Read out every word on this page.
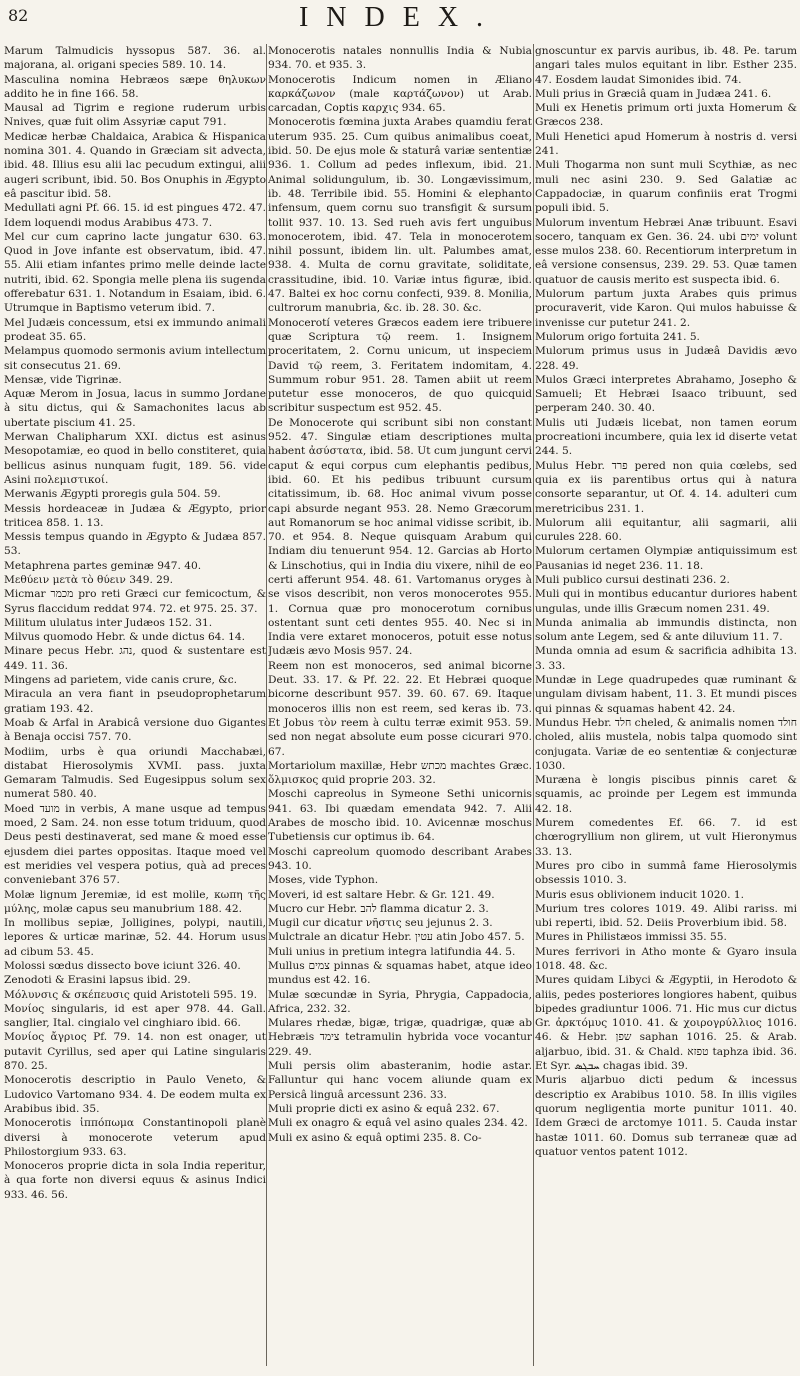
82	INDEX.

Marum Talmudicis hyssopus 587. 36. al. majorana, al. origani species 589. 10. 14.

Masculina nomina Hebræos sæpe θηλυκων addito he in fine 166. 58.

Mausal ad Tigrim e regione ruderum urbis Nnives, quæ fuit olim Assyriæ caput 791.

Medicæ herbæ Chaldaica, Arabica & Hispanica nomina 301. 4. Quando in Græciam sit advecta, ibid. 48. Illius esu alii lac pecudum extingui, alii augeri scribunt, ibid. 50. Bos Onuphis in Ægypto eâ pascitur ibid. 58.

Medullati agni Pf. 66. 15. id est pingues 472. 47. Idem loquendi modus Arabibus 473. 7.

Mel cur cum caprino lacte jungatur 630. 63. Quod in Jove infante est observatum, ibid. 47. 55. Alii etiam infantes primo melle deinde lacte nutriti, ibid. 62. Spongia melle plena iis sugenda offerebatur 631. 1. Notandum in Esaiam, ibid. 6. Utrumque in Baptismo veterum ibid. 7.

Mel Judæis concessum, etsi ex immundo animali prodeat 35. 65.

Melampus quomodo sermonis avium intellectum sit consecutus 21. 69.

Mensæ, vide Tigrinæ.

Aquæ Merom in Josua, lacus in summo Jordane à situ dictus, qui & Samachonites lacus ab ubertate piscium 41. 25.

Merwan Chalipharum XXI. dictus est asinus Mesopotamiæ, eo quod in bello constiteret, quia bellicus asinus nunquam fugit, 189. 56. vide Asini πολεμιστικοί.

Merwanis Ægypti proregis gula 504. 59.

Messis hordeaceæ in Judæa & Ægypto, prior triticea 858. 1. 13.

Messis tempus quando in Ægypto & Judæa 857. 53.

Metaphrena partes geminæ 947. 40.

Μεθύειν μετὰ τὸ θύειν 349. 29.

Micmar מכמר pro reti Græci cur femicoctum, & Syrus flaccidum reddat 974. 72. et 975. 25. 37.

Militum ululatus inter Judæos 152. 31.

Milvus quomodo Hebr. & unde dictus 64. 14.

Minare pecus Hebr. נהג, quod & sustentare est 449. 11. 36.

Mingens ad parietem, vide canis crure, &c.

Miracula an vera fiant in pseudoprophetarum gratiam 193. 42.

Moab & Arfal in Arabicâ versione duo Gigantes à Benaja occisi 757. 70.

Modiim, urbs è qua oriundi Macchabæi, distabat Hierosolymis XVMI. pass. juxta Gemaram Talmudis. Sed Eugesippus solum sex numerat 580. 40.

Moed מועד in verbis, A mane usque ad tempus moed, 2 Sam. 24. non esse totum triduum, quod Deus pesti destinaverat, sed mane & moed esse ejusdem diei partes oppositas. Itaque moed vel est meridies vel vespera potius, quà ad preces conveniebant 376 57.

Molæ lignum Jeremiæ, id est molile, κωπη τῆς μύλης, molæ capus seu manubrium 188. 42.

In mollibus sepiæ, Jolligines, polypi, nautili, lepores & urticæ marinæ, 52. 44. Horum usus ad cibum 53. 45.

Molossi sœdus dissecto bove iciunt 326. 40.

Zenodoti & Erasini lapsus ibid. 29.

Μόλυνσις & σκέπευσις quid Aristoteli 595. 19.

Μονίος singularis, id est aper 978. 44. Gall. sanglier, Ital. cingialo vel cinghiaro ibid. 66.

Μονίος ἄγριος Pf. 79. 14. non est onager, ut putavit Cyrillus, sed aper qui Latine singularis 870. 25.

Monocerotis descriptio in Paulo Veneto, & Ludovico Vartomano 934. 4. De eodem multa ex Arabibus ibid. 35.

Monocerotis ἱππόπωμα Constantinopoli planè diversi à monocerote veterum apud Philostorgium 933. 63.

Monoceros proprie dicta in sola India reperitur, à qua forte non diversi equus & asinus Indici 933. 46. 56.

Monocerotis natales nonnullis India & Nubia 934. 70. et 935. 3.

Monocerotis Indicum nomen in Æliano καρκάζωνον (male καρτάζωνον) ut Arab. carcadan, Coptis καρχις 934. 65.

Monocerotis fœmina juxta Arabes quamdiu ferat uterum 935. 25. Cum quibus animalibus coeat, ibid. 50. De ejus mole & staturâ variæ sententiæ 936. 1. Collum ad pedes inflexum, ibid. 21. Animal solidungulum, ib. 30. Longævissimum, ib. 48. Terribile ibid. 55. Homini & elephanto infensum, quem cornu suo transfigit & sursum tollit 937. 10. 13. Sed rueh avis fert unguibus monocerotem, ibid. 47. Tela in monocerotem nihil possunt, ibidem lin. ult. Palumbes amat, 938. 4. Multa de cornu gravitate, soliditate, crassitudine, ibid. 10. Variæ intus figuræ, ibid. 47. Baltei ex hoc cornu confecti, 939. 8. Monilia, cultrorum manubria, &c. ib. 28. 30. &c.

Monocerotí veteres Græcos eadem iere tribuere quæ Scriptura τῷ reem. 1. Insignem proceritatem, 2. Cornu unicum, ut inspeciem David τῷ reem, 3. Feritatem indomitam, 4. Summum robur 951. 28. Tamen abiit ut reem putetur esse monoceros, de quo quicquid scribitur suspectum est 952. 45.

De Monocerote qui scribunt sibi non constant 952. 47. Singulæ etiam descriptiones multa habent ἀσύστατα, ibid. 58. Ut cum jungunt cervi caput & equi corpus cum elephantis pedibus, ibid. 60. Et his pedibus tribuunt cursum citatissimum, ib. 68. Hoc animal vivum posse capi absurde negant 953. 28. Nemo Græcorum aut Romanorum se hoc animal vidisse scribit, ib. 70. et 954. 8. Neque quisquam Arabum qui Indiam diu tenuerunt 954. 12. Garcias ab Horto & Linschotius, qui in India diu vixere, nihil de eo certi afferunt 954. 48. 61. Vartomanus oryges à se visos describit, non veros monocerotes 955. 1. Cornua quæ pro monocerotum cornibus ostentant sunt ceti dentes 955. 40. Nec si in India vere extaret monoceros, potuit esse notus Judæis ævo Mosis 957. 24.

Reem non est monoceros, sed animal bicorne Deut. 33. 17. & Pf. 22. 22. Et Hebræi quoque bicorne describunt 957. 39. 60. 67. 69. Itaque monoceros illis non est reem, sed keras ib. 73. Et Jobus τὸν reem à cultu terræ eximit 953. 59. sed non negat absolute eum posse cicurari 970. 67.

Mortariolum maxillæ, Hebr מכתש machtes Græc. ὅλμισκος quid proprie 203. 32.

Moschi capreolus in Symeone Sethi unicornis 941. 63. Ibi quædam emendata 942. 7. Alii Arabes de moscho ibid. 10. Avicennæ moschus Tubetiensis cur optimus ib. 64.

Moschi capreolum quomodo describant Arabes 943. 10.

Moses, vide Typhon.

Moveri, id est saltare Hebr. & Gr. 121. 49.

Mucro cur Hebr. להב flamma dicatur 2. 3.

Mugil cur dicatur νῆστις seu jejunus 2. 3.

Mulctrale an dicatur Hebr. עטין atin Jobo 457. 5.

Muli unius in pretium integra latifundia 44. 5.

Mullus צמים pinnas & squamas habet, atque ideo mundus est 42. 16.

Mulæ sœcundæ in Syria, Phrygia, Cappadocia, Africa, 232. 32.

Mulares rhedæ, bigæ, trigæ, quadrigæ, quæ ab Hebræis צימד tetramulin hybrida voce vocantur 229. 49.

Muli persis olim abasteranim, hodie astar. Falluntur qui hanc vocem aliunde quam ex Persicâ linguâ arcessunt 236. 33.

Muli proprie dicti ex asino & equâ 232. 67.

Muli ex onagro & equâ vel asino quales 234. 42.

Muli ex asino & equâ optimi 235. 8. Co-

gnoscuntur ex parvis auribus, ib. 48. Pe. tarum angari tales mulos equitant in libr. Esther 235. 47. Eosdem laudat Simonides ibid. 74.

Muli prius in Græciâ quam in Judæa 241. 6.

Muli ex Henetis primum orti juxta Homerum & Græcos 238.

Muli Henetici apud Homerum à nostris d. versi 241.

Muli Thogarma non sunt muli Scythiæ, as nec muli nec asini 230. 9. Sed Galatiæ ac Cappadociæ, in quarum confiniis erat Trogmi populi ibid. 5.

Mulorum inventum Hebræi Anæ tribuunt. Esavi socero, tanquam ex Gen. 36. 24. ubi ימים volunt esse mulos 238. 60. Recentiorum interpretum in eâ versione consensus, 239. 29. 53. Quæ tamen quatuor de causis merito est suspecta ibid. 6.

Mulorum partum juxta Arabes quis primus procuraverit, vide Karon. Qui mulos habuisse & invenisse cur putetur 241. 2.

Mulorum origo fortuita 241. 5.

Mulorum primus usus in Judæâ Davidis ævo 228. 49.

Mulos Græci interpretes Abrahamo, Josepho & Samueli; Et Hebræi Isaaco tribuunt, sed perperam 240. 30. 40.

Mulis uti Judæis licebat, non tamen eorum procreationi incumbere, quia lex id diserte vetat 244. 5.

Mulus Hebr. פרד pered non quia cœlebs, sed quia ex iis parentibus ortus qui à natura consorte separantur, ut Of. 4. 14. adulteri cum meretricibus 231. 1.

Mulorum alii equitantur, alii sagmarii, alii curules 228. 60.

Mulorum certamen Olympiæ antiquissimum est Pausanias id neget 236. 11. 18.

Muli publico cursui destinati 236. 2.

Muli qui in montibus educantur duriores habent ungulas, unde illis Græcum nomen 231. 49.

Munda animalia ab immundis distincta, non solum ante Legem, sed & ante diluvium 11. 7.

Munda omnia ad esum & sacrificia adhibita 13. 3. 33.

Mundæ in Lege quadrupedes quæ ruminant & ungulam divisam habent, 11. 3. Et mundi pisces qui pinnas & squamas habent 42. 24.

Mundus Hebr. חלד cheled, & animalis nomen חולד choled, aliis mustela, nobis talpa quomodo sint conjugata. Variæ de eo sententiæ & conjecturæ 1030.

Muræna è longis piscibus pinnis caret & squamis, ac proinde per Legem est immunda 42. 18.

Murem comedentes Ef. 66. 7. id est chœrogryllium non glirem, ut vult Hieronymus 33. 13.

Mures pro cibo in summâ fame Hierosolymis obsessis 1010. 3.

Muris esus oblivionem inducit 1020. 1.

Murium tres colores 1019. 49. Alibi rariss. mi ubi reperti, ibid. 52. Deiis Proverbium ibid. 58.

Mures in Philistæos immissi 35. 55.

Mures ferrivori in Atho monte & Gyaro insula 1018. 48. &c.

Mures quidam Libyci & Ægyptii, in Herodoto & aliis, pedes posteriores longiores habent, quibus bipedes gradiuntur 1006. 71. Hic mus cur dictus Gr. ἀρκτόμυς 1010. 41. & χοιρογρύλλιος 1016. 46. & Hebr. שפן saphan 1016. 25. & Arab. aljarbuo, ibid. 31. & Chald. טפזא taphza ibid. 36. Et Syr. ܚܒܓܣ chagas ibid. 39.

Muris aljarbuo dicti pedum & incessus descriptio ex Arabibus 1010. 58. In illis vigiles quorum negligentia morte punitur 1011. 40. Idem Græci de arctomye 1011. 5. Cauda instar hastæ 1011. 60. Domus sub terraneæ quæ ad quatuor ventos patent 1012.
